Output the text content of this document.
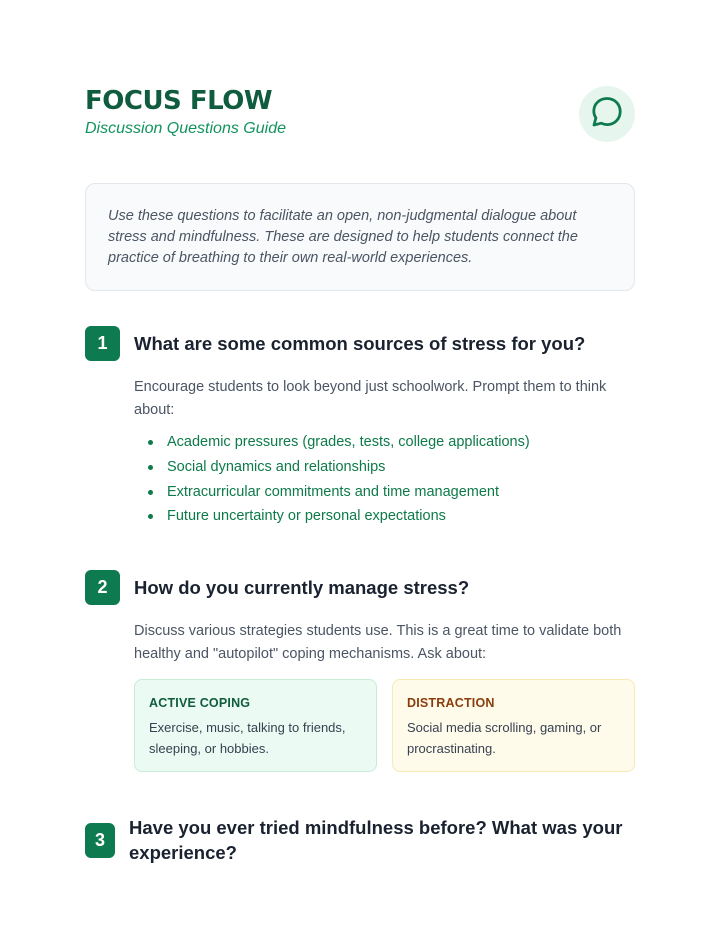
FOCUS FLOW
Discussion Questions Guide

Use these questions to facilitate an open, non-judgmental dialogue about stress and mindfulness. These are designed to help students connect the practice of breathing to their own real-world experiences.

1	What are some common sources of stress for you?

Encourage students to look beyond just schoolwork. Prompt them to think about:

Academic pressures (grades, tests, college applications)
Social dynamics and relationships
Extracurricular commitments and time management
Future uncertainty or personal expectations
2	How do you currently manage stress?

Discuss various strategies students use. This is a great time to validate both healthy and "autopilot" coping mechanisms. Ask about:

ACTIVE COPING
Exercise, music, talking to friends, sleeping, or hobbies.
DISTRACTION
Social media scrolling, gaming, or procrastinating.
3
Have you ever tried mindfulness before? What was your experience?
